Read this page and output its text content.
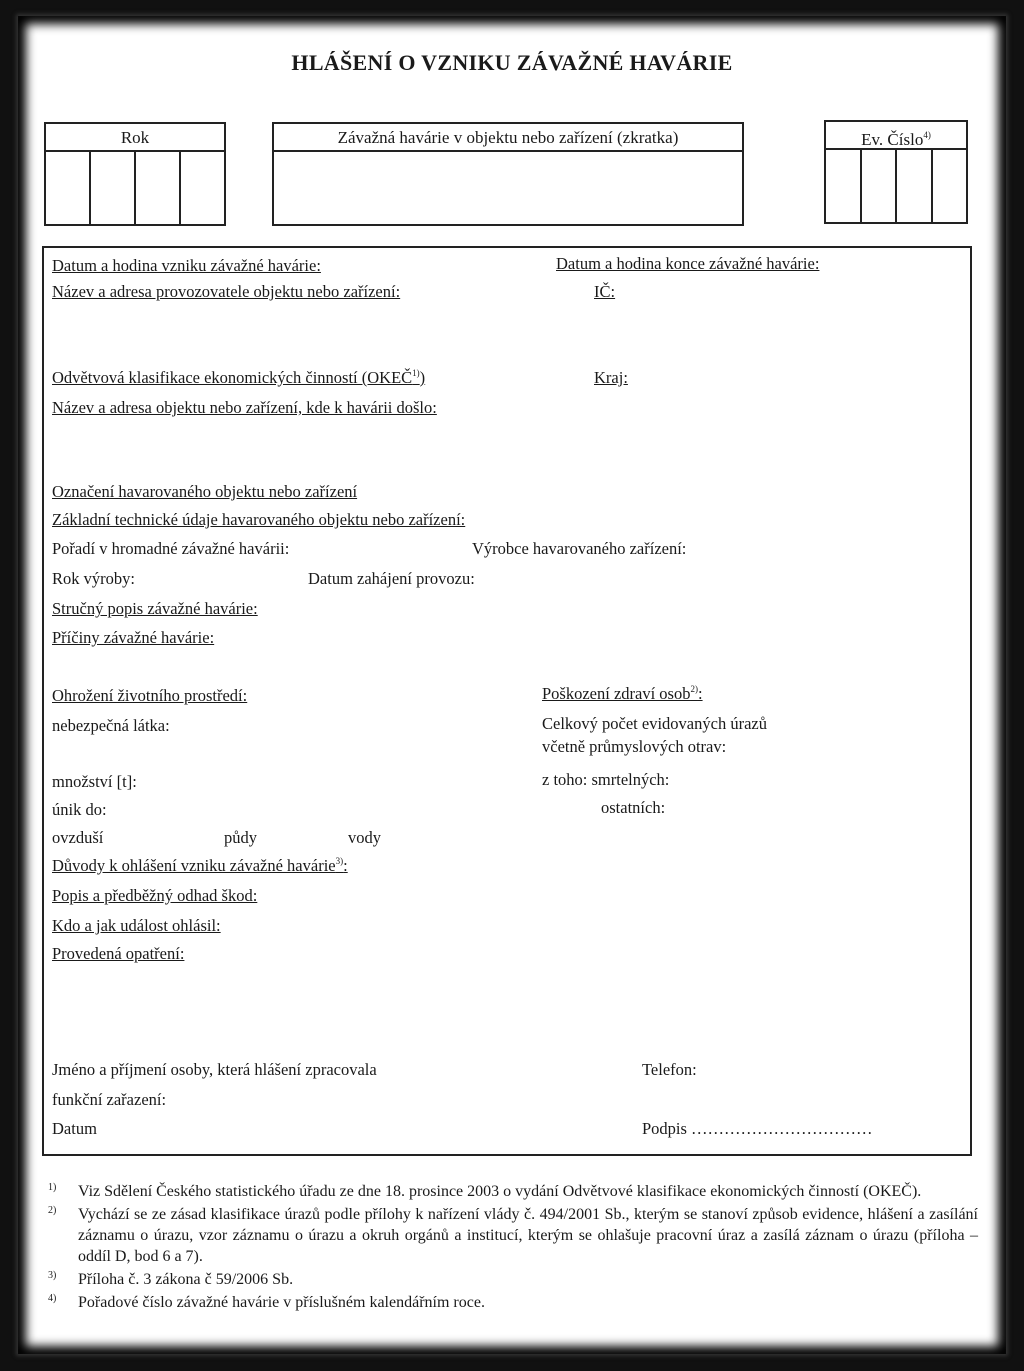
HLÁŠENÍ O VZNIKU ZÁVAŽNÉ HAVÁRIE
Rok	Závažná havárie v objektu nebo zařízení (zkratka)	Ev. Číslo$^{4)}$
Datum a hodina vzniku závažné havárie:	Datum a hodina konce závažné havárie:
Název a adresa provozovatele objektu nebo zařízení:	IČ:
Odvětvová klasifikace ekonomických činností (OKEČ$^{1)}$)	Kraj:
Název a adresa objektu nebo zařízení, kde k havárii došlo:
Označení havarovaného objektu nebo zařízení
Základní technické údaje havarovaného objektu nebo zařízení:
Pořadí v hromadné závažné havárii:	Výrobce havarovaného zařízení:
Rok výroby:	Datum zahájení provozu:
Stručný popis závažné havárie:
Příčiny závažné havárie:
Ohrožení životního prostředí:	Poškození zdraví osob$^{2)}$:
nebezpečná látka:	Celkový počet evidovaných úrazů
včetně průmyslových otrav:
množství [t]:	z toho: smrtelných:
únik do:	ostatních:
ovzduší	půdy	vody
Důvody k ohlášení vzniku závažné havárie$^{3)}$:
Popis a předběžný odhad škod:
Kdo a jak událost ohlásil:
Provedená opatření:
Jméno a příjmení osoby, která hlášení zpracovala	Telefon:
funkční zařazení:
Datum	Podpis ……………………………
1) Viz Sdělení Českého statistického úřadu ze dne 18. prosince 2003 o vydání Odvětvové klasifikace ekonomických činností (OKEČ).
2) Vychází se ze zásad klasifikace úrazů podle přílohy k nařízení vlády č. 494/2001 Sb., kterým se stanoví způsob evidence, hlášení a zasílání záznamu o úrazu, vzor záznamu o úrazu a okruh orgánů a institucí, kterým se ohlašuje pracovní úraz a zasílá záznam o úrazu (příloha – oddíl D, bod 6 a 7).
3) Příloha č. 3 zákona č 59/2006 Sb.
4) Pořadové číslo závažné havárie v příslušném kalendářním roce.
